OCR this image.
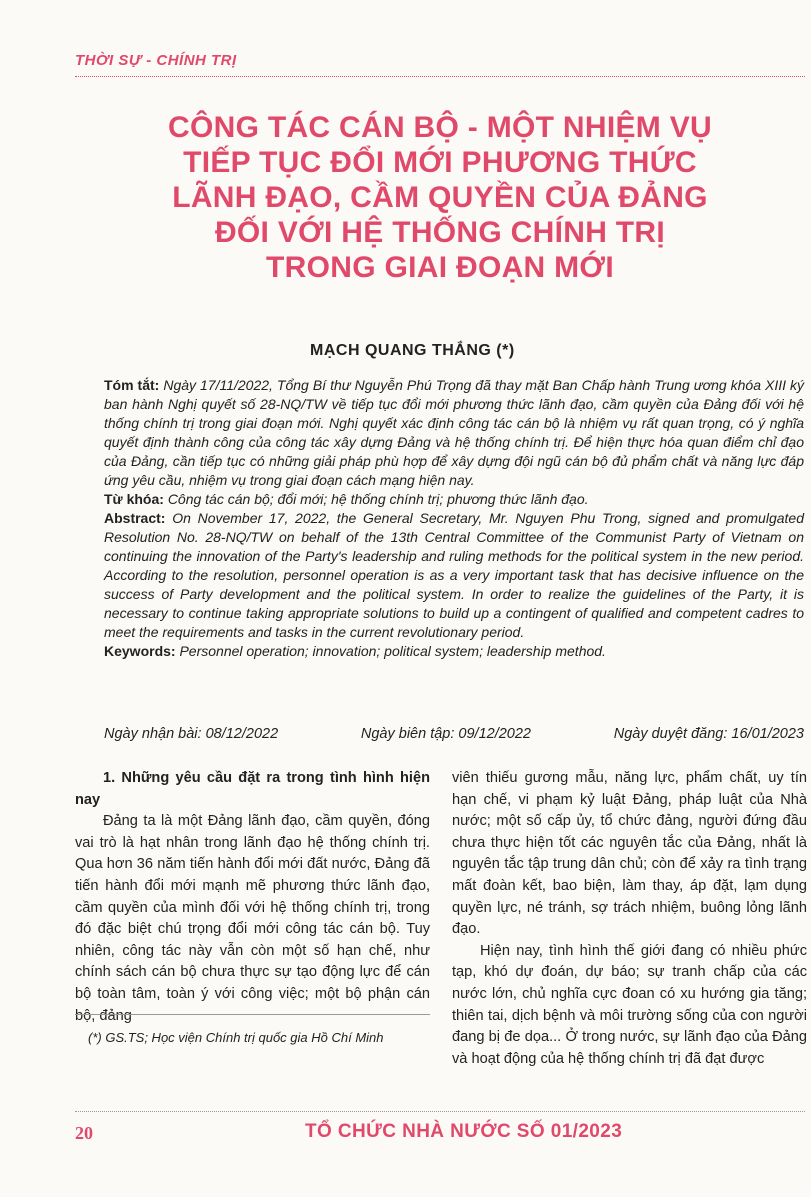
THỜI SỰ - CHÍNH TRỊ
CÔNG TÁC CÁN BỘ - MỘT NHIỆM VỤ
TIẾP TỤC ĐỔI MỚI PHƯƠNG THỨC
LÃNH ĐẠO, CẦM QUYỀN CỦA ĐẢNG
ĐỐI VỚI HỆ THỐNG CHÍNH TRỊ
TRONG GIAI ĐOẠN MỚI
MẠCH QUANG THẮNG (*)

Tóm tắt: Ngày 17/11/2022, Tổng Bí thư Nguyễn Phú Trọng đã thay mặt Ban Chấp hành Trung ương khóa XIII ký ban hành Nghị quyết số 28-NQ/TW về tiếp tục đổi mới phương thức lãnh đạo, cầm quyền của Đảng đối với hệ thống chính trị trong giai đoạn mới. Nghị quyết xác định công tác cán bộ là nhiệm vụ rất quan trọng, có ý nghĩa quyết định thành công của công tác xây dựng Đảng và hệ thống chính trị. Để hiện thực hóa quan điểm chỉ đạo của Đảng, cần tiếp tục có những giải pháp phù hợp để xây dựng đội ngũ cán bộ đủ phẩm chất và năng lực đáp ứng yêu cầu, nhiệm vụ trong giai đoạn cách mạng hiện nay.

Từ khóa: Công tác cán bộ; đổi mới; hệ thống chính trị; phương thức lãnh đạo.

Abstract: On November 17, 2022, the General Secretary, Mr. Nguyen Phu Trong, signed and promulgated Resolution No. 28-NQ/TW on behalf of the 13th Central Committee of the Communist Party of Vietnam on continuing the innovation of the Party's leadership and ruling methods for the political system in the new period. According to the resolution, personnel operation is as a very important task that has decisive influence on the success of Party development and the political system. In order to realize the guidelines of the Party, it is necessary to continue taking appropriate solutions to build up a contingent of qualified and competent cadres to meet the requirements and tasks in the current revolutionary period.

Keywords: Personnel operation; innovation; political system; leadership method.

Ngày nhận bài: 08/12/2022	Ngày biên tập: 09/12/2022	Ngày duyệt đăng: 16/01/2023

1. Những yêu cầu đặt ra trong tình hình hiện nay

Đảng ta là một Đảng lãnh đạo, cầm quyền, đóng vai trò là hạt nhân trong lãnh đạo hệ thống chính trị. Qua hơn 36 năm tiến hành đổi mới đất nước, Đảng đã tiến hành đổi mới mạnh mẽ phương thức lãnh đạo, cầm quyền của mình đối với hệ thống chính trị, trong đó đặc biệt chú trọng đổi mới công tác cán bộ. Tuy nhiên, công tác này vẫn còn một số hạn chế, như chính sách cán bộ chưa thực sự tạo động lực để cán bộ toàn tâm, toàn ý với công việc; một bộ phận cán bộ, đảng

viên thiếu gương mẫu, năng lực, phẩm chất, uy tín hạn chế, vi phạm kỷ luật Đảng, pháp luật của Nhà nước; một số cấp ủy, tổ chức đảng, người đứng đầu chưa thực hiện tốt các nguyên tắc của Đảng, nhất là nguyên tắc tập trung dân chủ; còn để xảy ra tình trạng mất đoàn kết, bao biện, làm thay, áp đặt, lạm dụng quyền lực, né tránh, sợ trách nhiệm, buông lỏng lãnh đạo.

Hiện nay, tình hình thế giới đang có nhiều phức tạp, khó dự đoán, dự báo; sự tranh chấp của các nước lớn, chủ nghĩa cực đoan có xu hướng gia tăng; thiên tai, dịch bệnh và môi trường sống của con người đang bị đe dọa... Ở trong nước, sự lãnh đạo của Đảng và hoạt động của hệ thống chính trị đã đạt được

(*) GS.TS; Học viện Chính trị quốc gia Hồ Chí Minh
20	TỔ CHỨC NHÀ NƯỚC SỐ 01/2023
